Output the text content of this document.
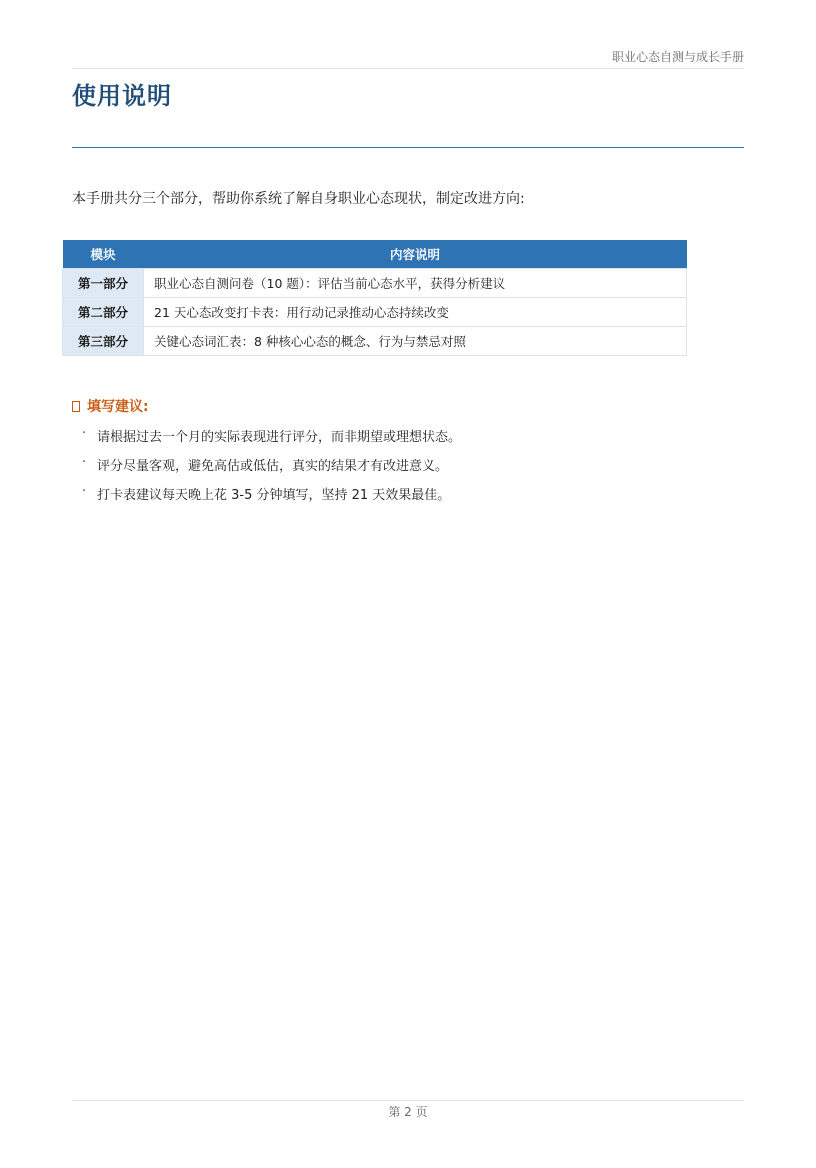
职业心态自测与成长手册
使用说明

本手册共分三个部分，帮助你系统了解自身职业心态现状，制定改进方向:

模块	内容说明
第一部分	职业心态自测问卷（10 题）：评估当前心态水平，获得分析建议
第二部分	21 天心态改变打卡表：用行动记录推动心态持续改变
第三部分	关键心态词汇表：8 种核心心态的概念、行为与禁忌对照
填写建议:
· 请根据过去一个月的实际表现进行评分，而非期望或理想状态。
· 评分尽量客观，避免高估或低估，真实的结果才有改进意义。
· 打卡表建议每天晚上花 3-5 分钟填写，坚持 21 天效果最佳。
第 2 页
